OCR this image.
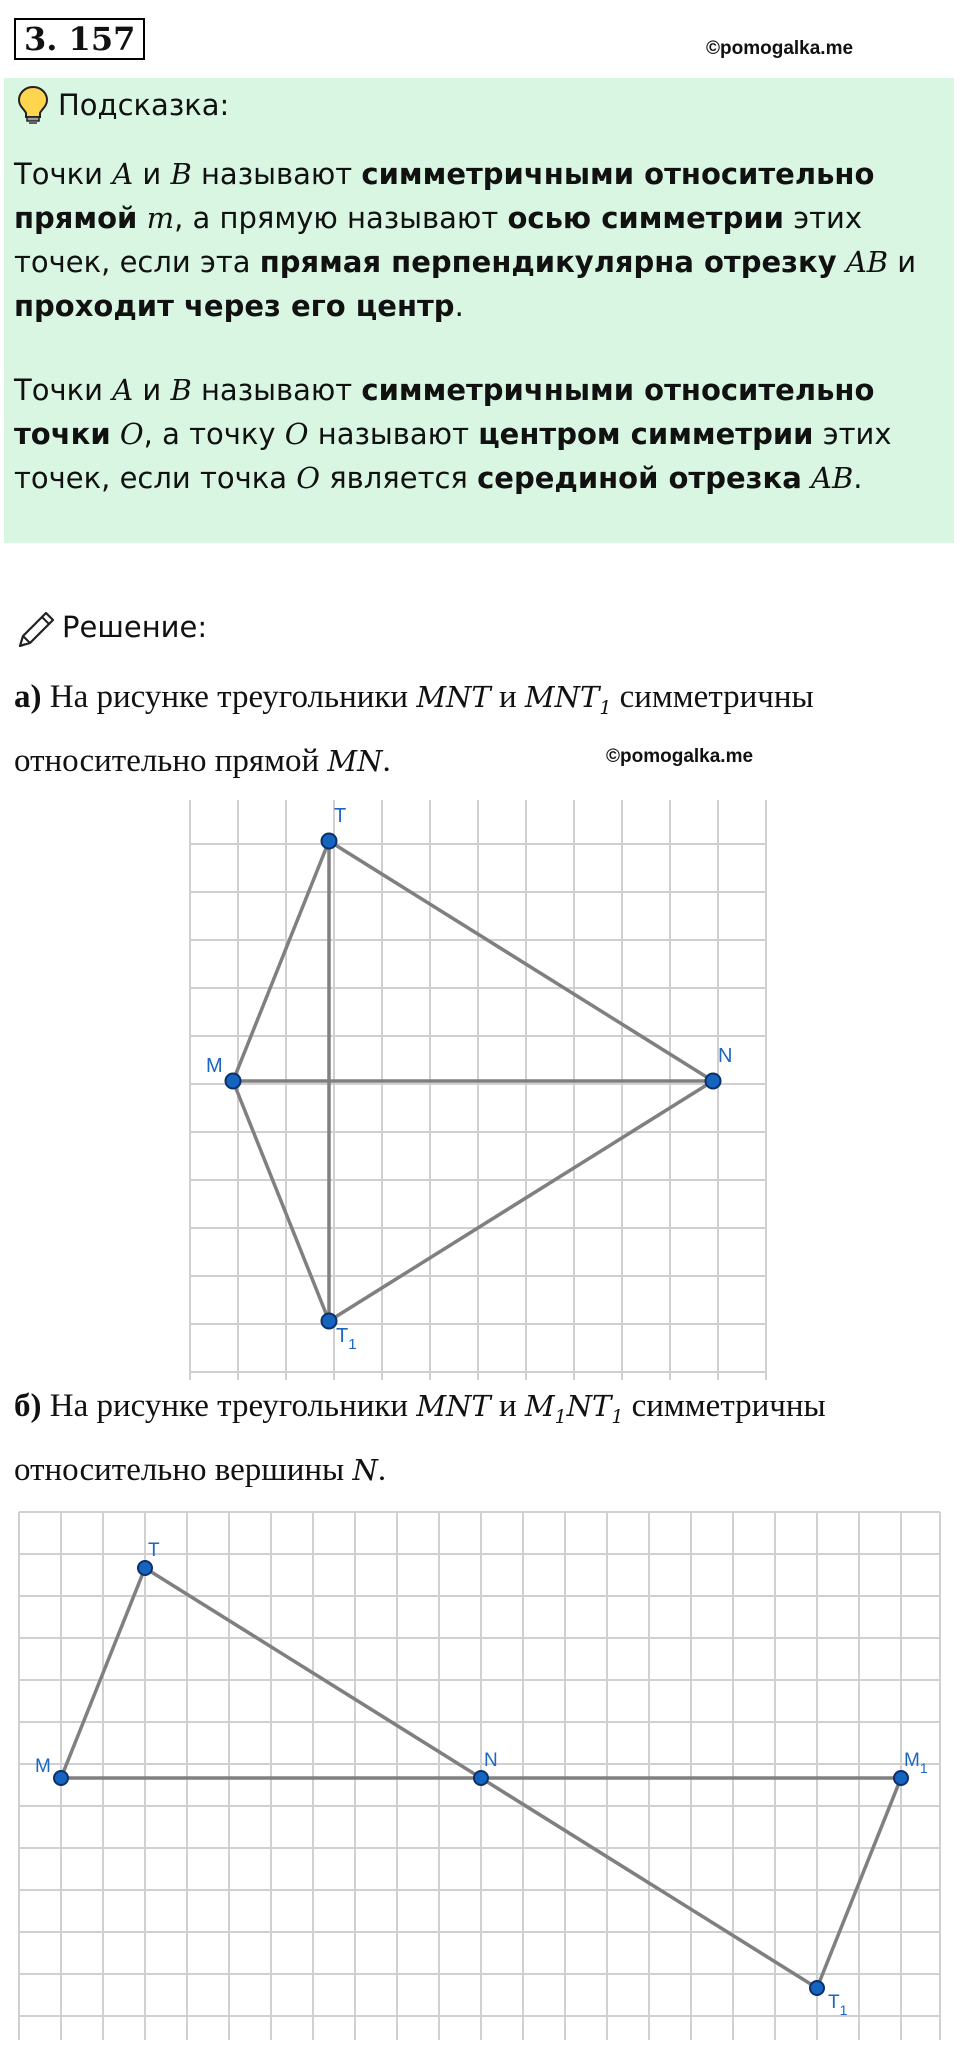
3. 157	©pomogalka.me
Подсказка:
Точки A и B называют симметричными относительно прямой m, а прямую называют осью симметрии этих точек, если эта прямая перпендикулярна отрезку AB и проходит через его центр.
Точки A и B называют симметричными относительно точки O, а точку O называют центром симметрии этих точек, если точка O является серединой отрезка AB.
Решение:
а) На рисунке треугольники MNT и $MNT_1$ симметричны
относительно прямой MN.	©pomogalka.me
T
M	N
$T_1$
б) На рисунке треугольники MNT и $M_1NT_1$ симметричны
относительно вершины N.
T
M	N	$M_1$
$T_1$
